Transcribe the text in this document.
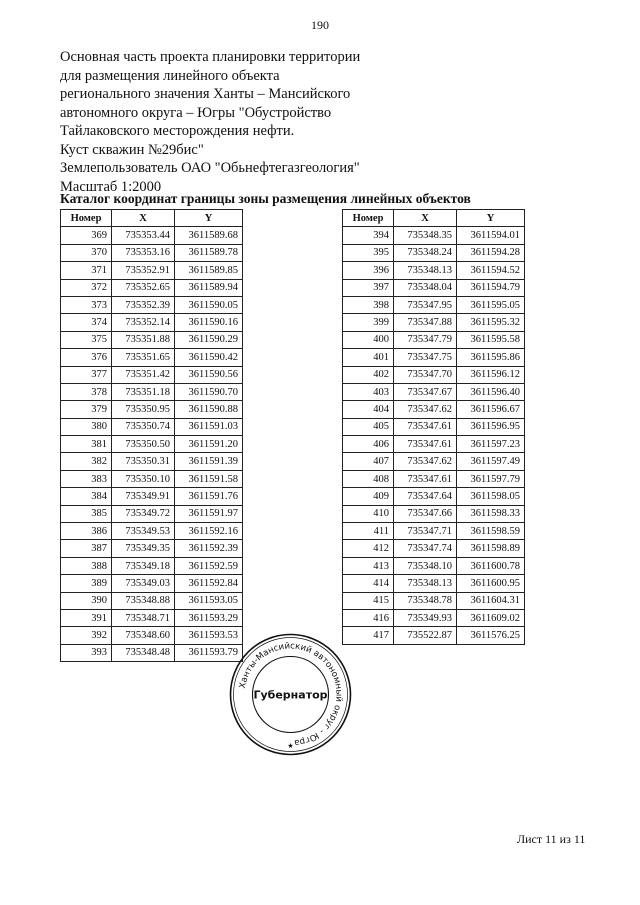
190
Основная часть проекта планировки территории
для размещения линейного объекта
регионального значения Ханты – Мансийского
автономного округа – Югры "Обустройство
Тайлаковского месторождения нефти.
Куст скважин №29бис"
Землепользователь ОАО "Обьнефтегазгеология"
Масштаб 1:2000
Каталог координат границы зоны размещения линейных объектов
Номер	X	Y
369	735353.44	3611589.68
370	735353.16	3611589.78
371	735352.91	3611589.85
372	735352.65	3611589.94
373	735352.39	3611590.05
374	735352.14	3611590.16
375	735351.88	3611590.29
376	735351.65	3611590.42
377	735351.42	3611590.56
378	735351.18	3611590.70
379	735350.95	3611590.88
380	735350.74	3611591.03
381	735350.50	3611591.20
382	735350.31	3611591.39
383	735350.10	3611591.58
384	735349.91	3611591.76
385	735349.72	3611591.97
386	735349.53	3611592.16
387	735349.35	3611592.39
388	735349.18	3611592.59
389	735349.03	3611592.84
390	735348.88	3611593.05
391	735348.71	3611593.29
392	735348.60	3611593.53
393	735348.48	3611593.79
Номер	X	Y
394	735348.35	3611594.01
395	735348.24	3611594.28
396	735348.13	3611594.52
397	735348.04	3611594.79
398	735347.95	3611595.05
399	735347.88	3611595.32
400	735347.79	3611595.58
401	735347.75	3611595.86
402	735347.70	3611596.12
403	735347.67	3611596.40
404	735347.62	3611596.67
405	735347.61	3611596.95
406	735347.61	3611597.23
407	735347.62	3611597.49
408	735347.61	3611597.79
409	735347.64	3611598.05
410	735347.66	3611598.33
411	735347.71	3611598.59
412	735347.74	3611598.89
413	735348.10	3611600.78
414	735348.13	3611600.95
415	735348.78	3611604.31
416	735349.93	3611609.02
417	735522.87	3611576.25
Ханты-Мансийский автономный округ - Югра
Губернатор
★
Лист 11 из 11
